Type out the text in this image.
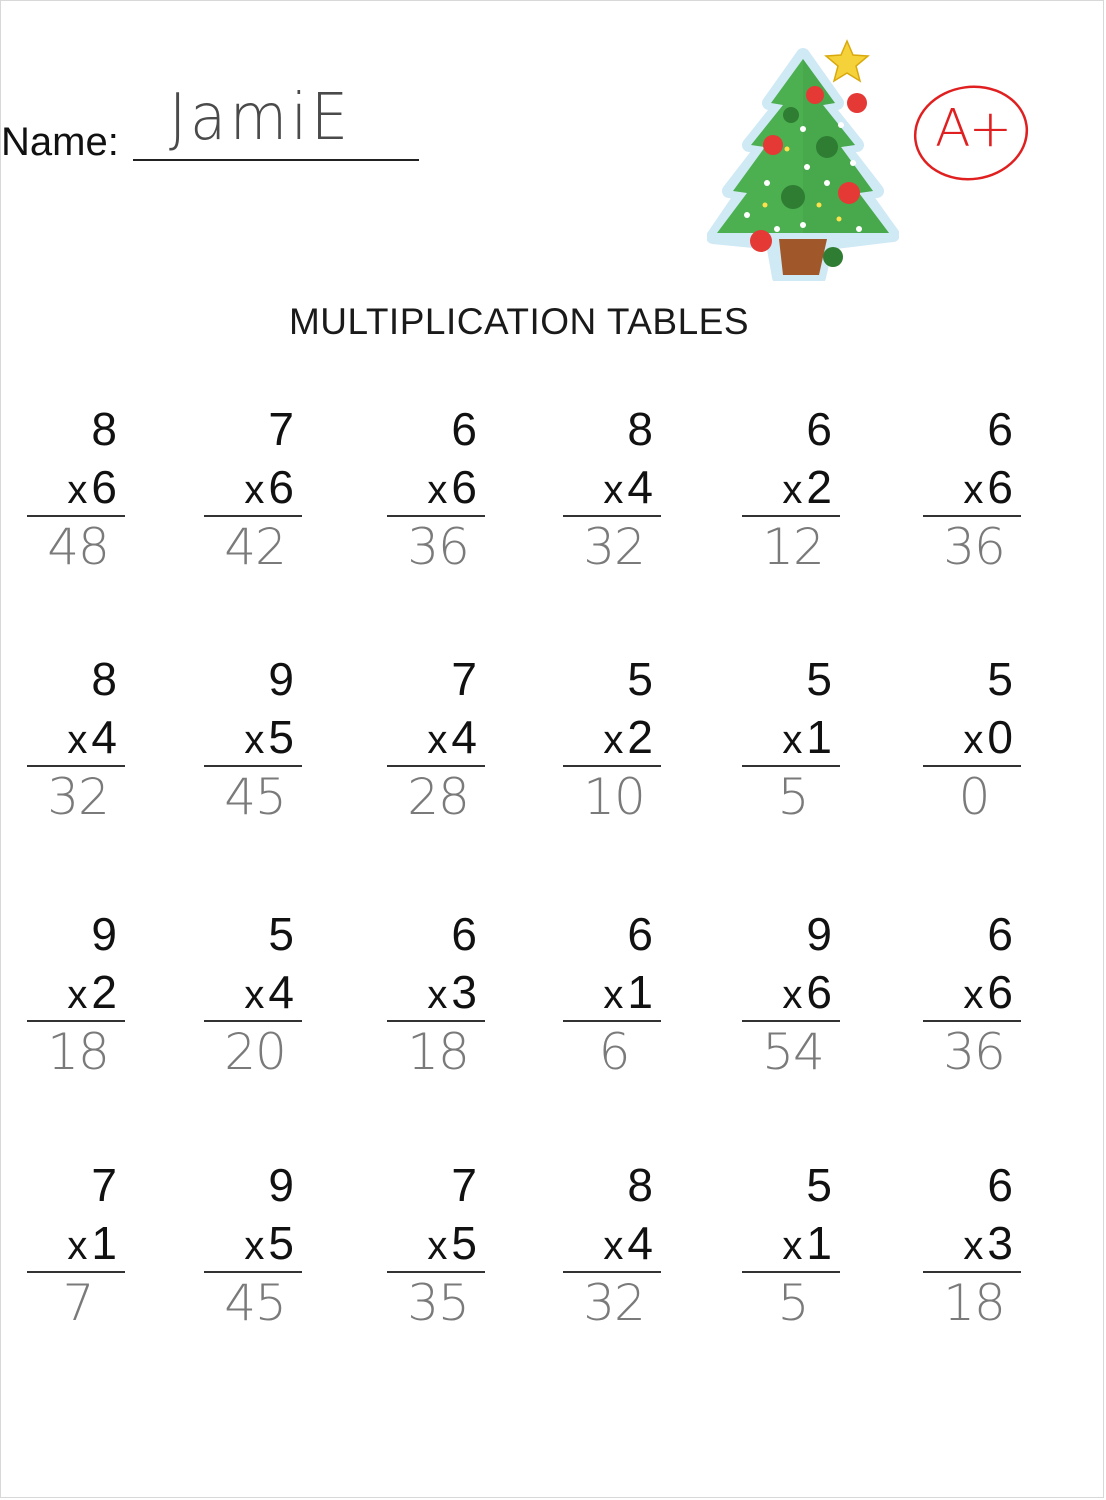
Name: JamiE	A+
MULTIPLICATION TABLES
8
x6
48
7
x6
42
6
x6
36
8
x4
32
6
x2
12
6
x6
36
8
x4
32
9
x5
45
7
x4
28
5
x2
10
5
x1
5
5
x0
0
9
x2
18
5
x4
20
6
x3
18
6
x1
6
9
x6
54
6
x6
36
7
x1
7
9
x5
45
7
x5
35
8
x4
32
5
x1
5
6
x3
18
